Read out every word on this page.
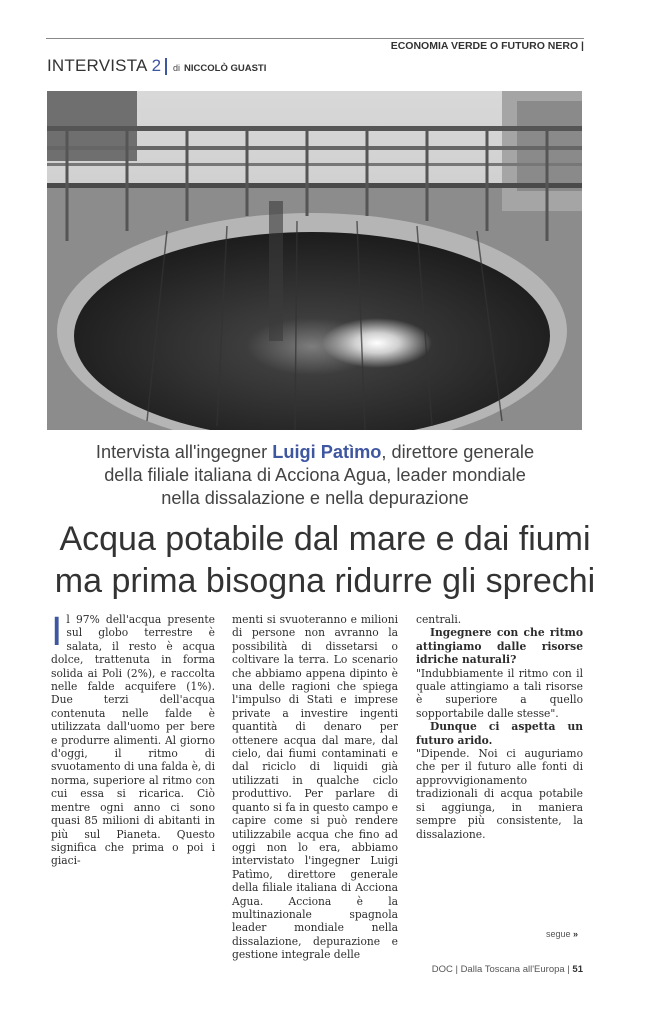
ECONOMIA VERDE O FUTURO NERO |
INTERVISTA 2 di NICCOLÒ GUASTI
Intervista all'ingegner Luigi Patìmo, direttore generale
della filiale italiana di Acciona Agua, leader mondiale
nella dissalazione e nella depurazione
Acqua potabile dal mare e dai fiumi
ma prima bisogna ridurre gli sprechi

Il 97% dell'acqua presente sul globo terrestre è salata, il resto è acqua dolce, trattenuta in forma solida ai Poli (2%), e raccolta nelle falde acquifere (1%). Due terzi dell'acqua contenuta nelle falde è utilizzata dall'uomo per bere e produrre alimenti. Al giorno d'oggi, il ritmo di svuotamento di una falda è, di norma, superiore al ritmo con cui essa si ricarica. Ciò mentre ogni anno ci sono quasi 85 milioni di abitanti in più sul Pianeta. Questo significa che prima o poi i giaci-

menti si svuoteranno e milioni di persone non avranno la possibilità di dissetarsi o coltivare la terra. Lo scenario che abbiamo appena dipinto è una delle ragioni che spiega l'impulso di Stati e imprese private a investire ingenti quantità di denaro per ottenere acqua dal mare, dal cielo, dai fiumi contaminati e dal riciclo di liquidi già utilizzati in qualche ciclo produttivo. Per parlare di quanto si fa in questo campo e capire come si può rendere utilizzabile acqua che fino ad oggi non lo era, abbiamo intervistato l'ingegner Luigi Patìmo, direttore generale della filiale italiana di Acciona Agua. Acciona è la multinazionale spagnola leader mondiale nella dissalazione, depurazione e gestione integrale delle

centrali.

Ingegnere con che ritmo attingiamo dalle risorse idriche naturali?

"Indubbiamente il ritmo con il quale attingiamo a tali risorse è superiore a quello sopportabile dalle stesse".

Dunque ci aspetta un futuro arido.

"Dipende. Noi ci auguriamo che per il futuro alle fonti di approvvigionamento tradizionali di acqua potabile si aggiunga, in maniera sempre più consistente, la dissalazione.

segue »
DOC | Dalla Toscana all'Europa | 51
